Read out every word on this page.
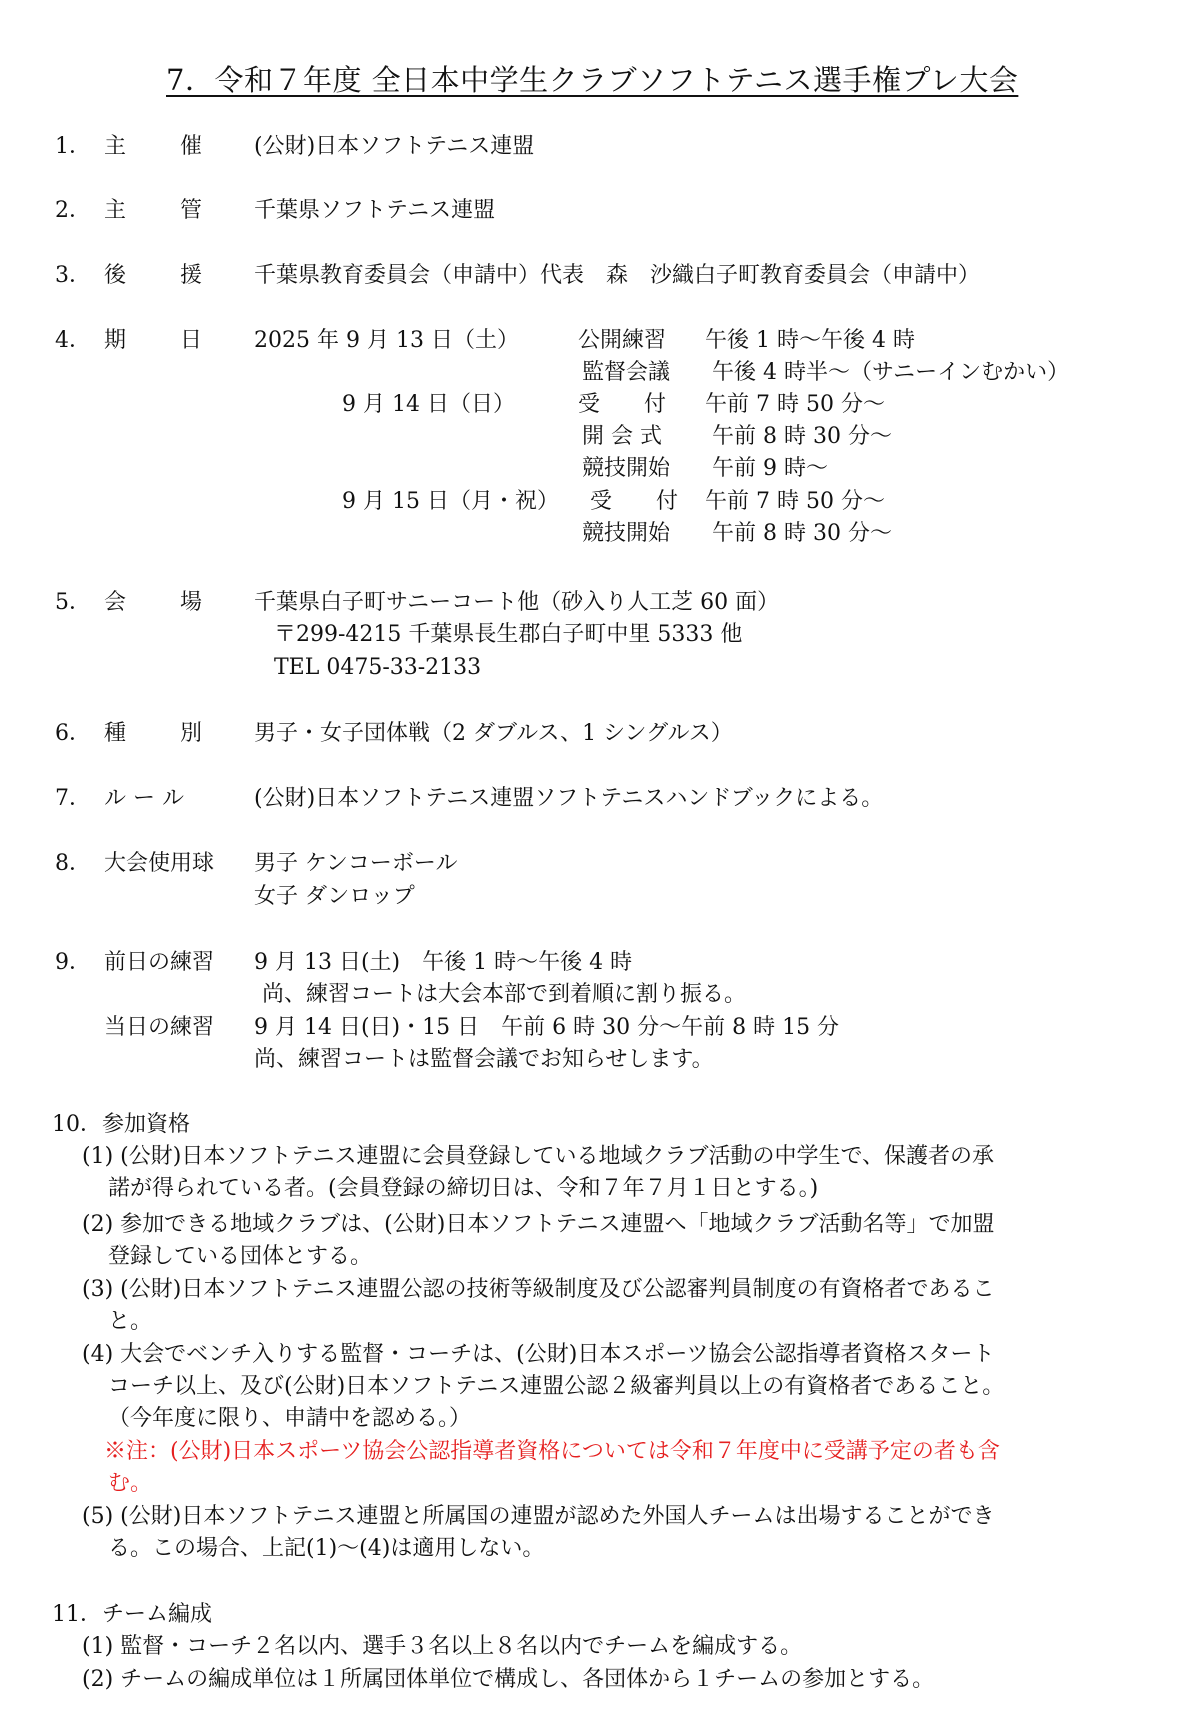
7．令和７年度 全日本中学生クラブソフトテニス選手権プレ大会
1． 主 催 (公財)日本ソフトテニス連盟
2． 主 管 千葉県ソフトテニス連盟
3． 後 援 千葉県教育委員会（申請中）代表　森　沙織白子町教育委員会（申請中）
4． 期 日 2025 年 9 月 13 日（土）	公開練習 午後 1 時～午後 4 時
監督会議 午後 4 時半～（サニーインむかい）
9 月 14 日（日）	受　　付 午前 7 時 50 分～
開 会 式 午前 8 時 30 分～
競技開始 午前 9 時～
9 月 15 日（月・祝） 受　　付 午前 7 時 50 分～
競技開始 午前 8 時 30 分～
5． 会 場 千葉県白子町サニーコート他（砂入り人工芝 60 面）
〒299-4215 千葉県長生郡白子町中里 5333 他
TEL 0475-33-2133
6． 種 別 男子・女子団体戦（2 ダブルス、1 シングルス）
7． ル ー ル	(公財)日本ソフトテニス連盟ソフトテニスハンドブックによる。
8． 大会使用球 男子 ケンコーボール
女子 ダンロップ
9． 前日の練習 9 月 13 日(土)　午後 1 時～午後 4 時
尚、練習コートは大会本部で到着順に割り振る。
当日の練習 9 月 14 日(日)・15 日　午前 6 時 30 分～午前 8 時 15 分
尚、練習コートは監督会議でお知らせします。
10．参加資格
(1) (公財)日本ソフトテニス連盟に会員登録している地域クラブ活動の中学生で、保護者の承
諾が得られている者。(会員登録の締切日は、令和７年７月１日とする。)
(2) 参加できる地域クラブは、(公財)日本ソフトテニス連盟へ「地域クラブ活動名等」で加盟
登録している団体とする。
(3) (公財)日本ソフトテニス連盟公認の技術等級制度及び公認審判員制度の有資格者であるこ
と。
(4) 大会でベンチ入りする監督・コーチは、(公財)日本スポーツ協会公認指導者資格スタート
コーチ以上、及び(公財)日本ソフトテニス連盟公認２級審判員以上の有資格者であること。
（今年度に限り、申請中を認める。）
※注：(公財)日本スポーツ協会公認指導者資格については令和７年度中に受講予定の者も含
む。
(5) (公財)日本ソフトテニス連盟と所属国の連盟が認めた外国人チームは出場することができ
る。この場合、上記(1)～(4)は適用しない。
11．チーム編成
(1) 監督・コーチ２名以内、選手３名以上８名以内でチームを編成する。
(2) チームの編成単位は１所属団体単位で構成し、各団体から１チームの参加とする。
